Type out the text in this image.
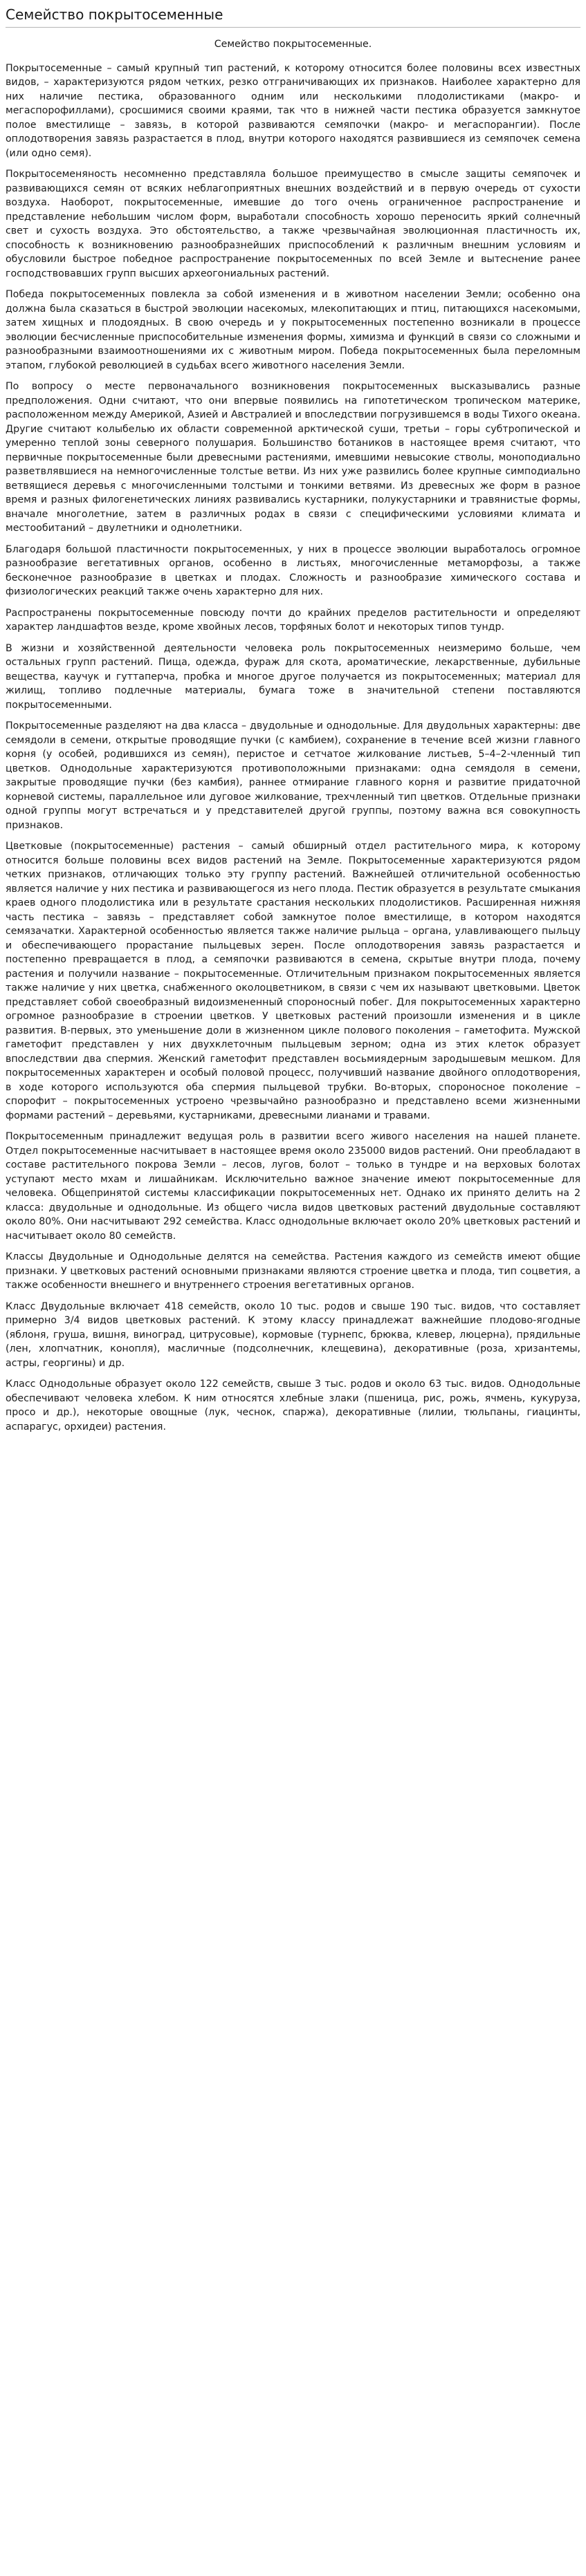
Семейство покрытосеменные
Семейство покрытосеменные.

Покрытосеменные – самый крупный тип растений, к которому относится более половины всех известных видов, – характеризуются рядом четких, резко отграничивающих их признаков. Наиболее характерно для них наличие пестика, образованного одним или несколькими плодолистиками (макро- и мегаспорофиллами), сросшимися своими краями, так что в нижней части пестика образуется замкнутое полое вместилище – завязь, в которой развиваются семяпочки (макро- и мегаспорангии). После оплодотворения завязь разрастается в плод, внутри которого находятся развившиеся из семяпочек семена (или одно семя).

Покрытосеменяность несомненно представляла большое преимущество в смысле защиты семяпочек и развивающихся семян от всяких неблагоприятных внешних воздействий и в первую очередь от сухости воздуха. Наоборот, покрытосеменные, имевшие до того очень ограниченное распространение и представление небольшим числом форм, выработали способность хорошо переносить яркий солнечный свет и сухость воздуха. Это обстоятельство, а также чрезвычайная эволюционная пластичность их, способность к возникновению разнообразнейших приспособлений к различным внешним условиям и обусловили быстрое победное распространение покрытосеменных по всей Земле и вытеснение ранее господствовавших групп высших археогониальных растений.

Победа покрытосеменных повлекла за собой изменения и в животном населении Земли; особенно она должна была сказаться в быстрой эволюции насекомых, млекопитающих и птиц, питающихся насекомыми, затем хищных и плодоядных. В свою очередь и у покрытосеменных постепенно возникали в процессе эволюции бесчисленные приспособительные изменения формы, химизма и функций в связи со сложными и разнообразными взаимоотношениями их с животным миром. Победа покрытосеменных была переломным этапом, глубокой революцией в судьбах всего животного населения Земли.

По вопросу о месте первоначального возникновения покрытосеменных высказывались разные предположения. Одни считают, что они впервые появились на гипотетическом тропическом материке, расположенном между Америкой, Азией и Австралией и впоследствии погрузившемся в воды Тихого океана. Другие считают колыбелью их области современной арктической суши, третьи – горы субтропической и умеренно теплой зоны северного полушария. Большинство ботаников в настоящее время считают, что первичные покрытосеменные были древесными растениями, имевшими невысокие стволы, моноподиально разветвлявшиеся на немногочисленные толстые ветви. Из них уже развились более крупные симподиально ветвящиеся деревья с многочисленными толстыми и тонкими ветвями. Из древесных же форм в разное время и разных филогенетических линиях развивались кустарники, полукустарники и травянистые формы, вначале многолетние, затем в различных родах в связи с специфическими условиями климата и местообитаний – двулетники и однолетники.

Благодаря большой пластичности покрытосеменных, у них в процессе эволюции выработалось огромное разнообразие вегетативных органов, особенно в листьях, многочисленные метаморфозы, а также бесконечное разнообразие в цветках и плодах. Сложность и разнообразие химического состава и физиологических реакций также очень характерно для них.

Распространены покрытосеменные повсюду почти до крайних пределов растительности и определяют характер ландшафтов везде, кроме хвойных лесов, торфяных болот и некоторых типов тундр.

В жизни и хозяйственной деятельности человека роль покрытосеменных неизмеримо больше, чем остальных групп растений. Пища, одежда, фураж для скота, ароматические, лекарственные, дубильные вещества, каучук и гуттаперча, пробка и многое другое получается из покрытосеменных; материал для жилищ, топливо подлечные материалы, бумага тоже в значительной степени поставляются покрытосеменными.

Покрытосеменные разделяют на два класса – двудольные и однодольные. Для двудольных характерны: две семядоли в семени, открытые проводящие пучки (с камбием), сохранение в течение всей жизни главного корня (у особей, родившихся из семян), перистое и сетчатое жилкование листьев, 5–4–2-членный тип цветков. Однодольные характеризуются противоположными признаками: одна семядоля в семени, закрытые проводящие пучки (без камбия), раннее отмирание главного корня и развитие придаточной корневой системы, параллельное или дуговое жилкование, трехчленный тип цветков. Отдельные признаки одной группы могут встречаться и у представителей другой группы, поэтому важна вся совокупность признаков.

Цветковые (покрытосеменные) растения – самый обширный отдел растительного мира, к которому относится больше половины всех видов растений на Земле. Покрытосеменные характеризуются рядом четких признаков, отличающих только эту группу растений. Важнейшей отличительной особенностью является наличие у них пестика и развивающегося из него плода. Пестик образуется в результате смыкания краев одного плодолистика или в результате срастания нескольких плодолистиков. Расширенная нижняя часть пестика – завязь – представляет собой замкнутое полое вместилище, в котором находятся семязачатки. Характерной особенностью является также наличие рыльца – органа, улавливающего пыльцу и обеспечивающего прорастание пыльцевых зерен. После оплодотворения завязь разрастается и постепенно превращается в плод, а семяпочки развиваются в семена, скрытые внутри плода, почему растения и получили название – покрытосеменные. Отличительным признаком покрытосеменных является также наличие у них цветка, снабженного околоцветником, в связи с чем их называют цветковыми. Цветок представляет собой своеобразный видоизмененный спороносный побег. Для покрытосеменных характерно огромное разнообразие в строении цветков. У цветковых растений произошли изменения и в цикле развития. В-первых, это уменьшение доли в жизненном цикле полового поколения – гаметофита. Мужской гаметофит представлен у них двухклеточным пыльцевым зерном; одна из этих клеток образует впоследствии два спермия. Женский гаметофит представлен восьмиядерным зародышевым мешком. Для покрытосеменных характерен и особый половой процесс, получивший название двойного оплодотворения, в ходе которого используются оба спермия пыльцевой трубки. Во-вторых, спороносное поколение – спорофит – покрытосеменных устроено чрезвычайно разнообразно и представлено всеми жизненными формами растений – деревьями, кустарниками, древесными лианами и травами.

Покрытосеменным принадлежит ведущая роль в развитии всего живого населения на нашей планете. Отдел покрытосеменные насчитывает в настоящее время около 235000 видов растений. Они преобладают в составе растительного покрова Земли – лесов, лугов, болот – только в тундре и на верховых болотах уступают место мхам и лишайникам. Исключительно важное значение имеют покрытосеменные для человека. Общепринятой системы классификации покрытосеменных нет. Однако их принято делить на 2 класса: двудольные и однодольные. Из общего числа видов цветковых растений двудольные составляют около 80%. Они насчитывают 292 семейства. Класс однодольные включает около 20% цветковых растений и насчитывает около 80 семейств.

Классы Двудольные и Однодольные делятся на семейства. Растения каждого из семейств имеют общие признаки. У цветковых растений основными признаками являются строение цветка и плода, тип соцветия, а также особенности внешнего и внутреннего строения вегетативных органов.

Класс Двудольные включает 418 семейств, около 10 тыс. родов и свыше 190 тыс. видов, что составляет примерно 3/4 видов цветковых растений. К этому классу принадлежат важнейшие плодово-ягодные (яблоня, груша, вишня, виноград, цитрусовые), кормовые (турнепс, брюква, клевер, люцерна), прядильные (лен, хлопчатник, конопля), масличные (подсолнечник, клещевина), декоративные (роза, хризантемы, астры, георгины) и др.

Класс Однодольные образует около 122 семейств, свыше 3 тыс. родов и около 63 тыс. видов. Однодольные обеспечивают человека хлебом. К ним относятся хлебные злаки (пшеница, рис, рожь, ячмень, кукуруза, просо и др.), некоторые овощные (лук, чеснок, спаржа), декоративные (лилии, тюльпаны, гиацинты, аспарагус, орхидеи) растения.
